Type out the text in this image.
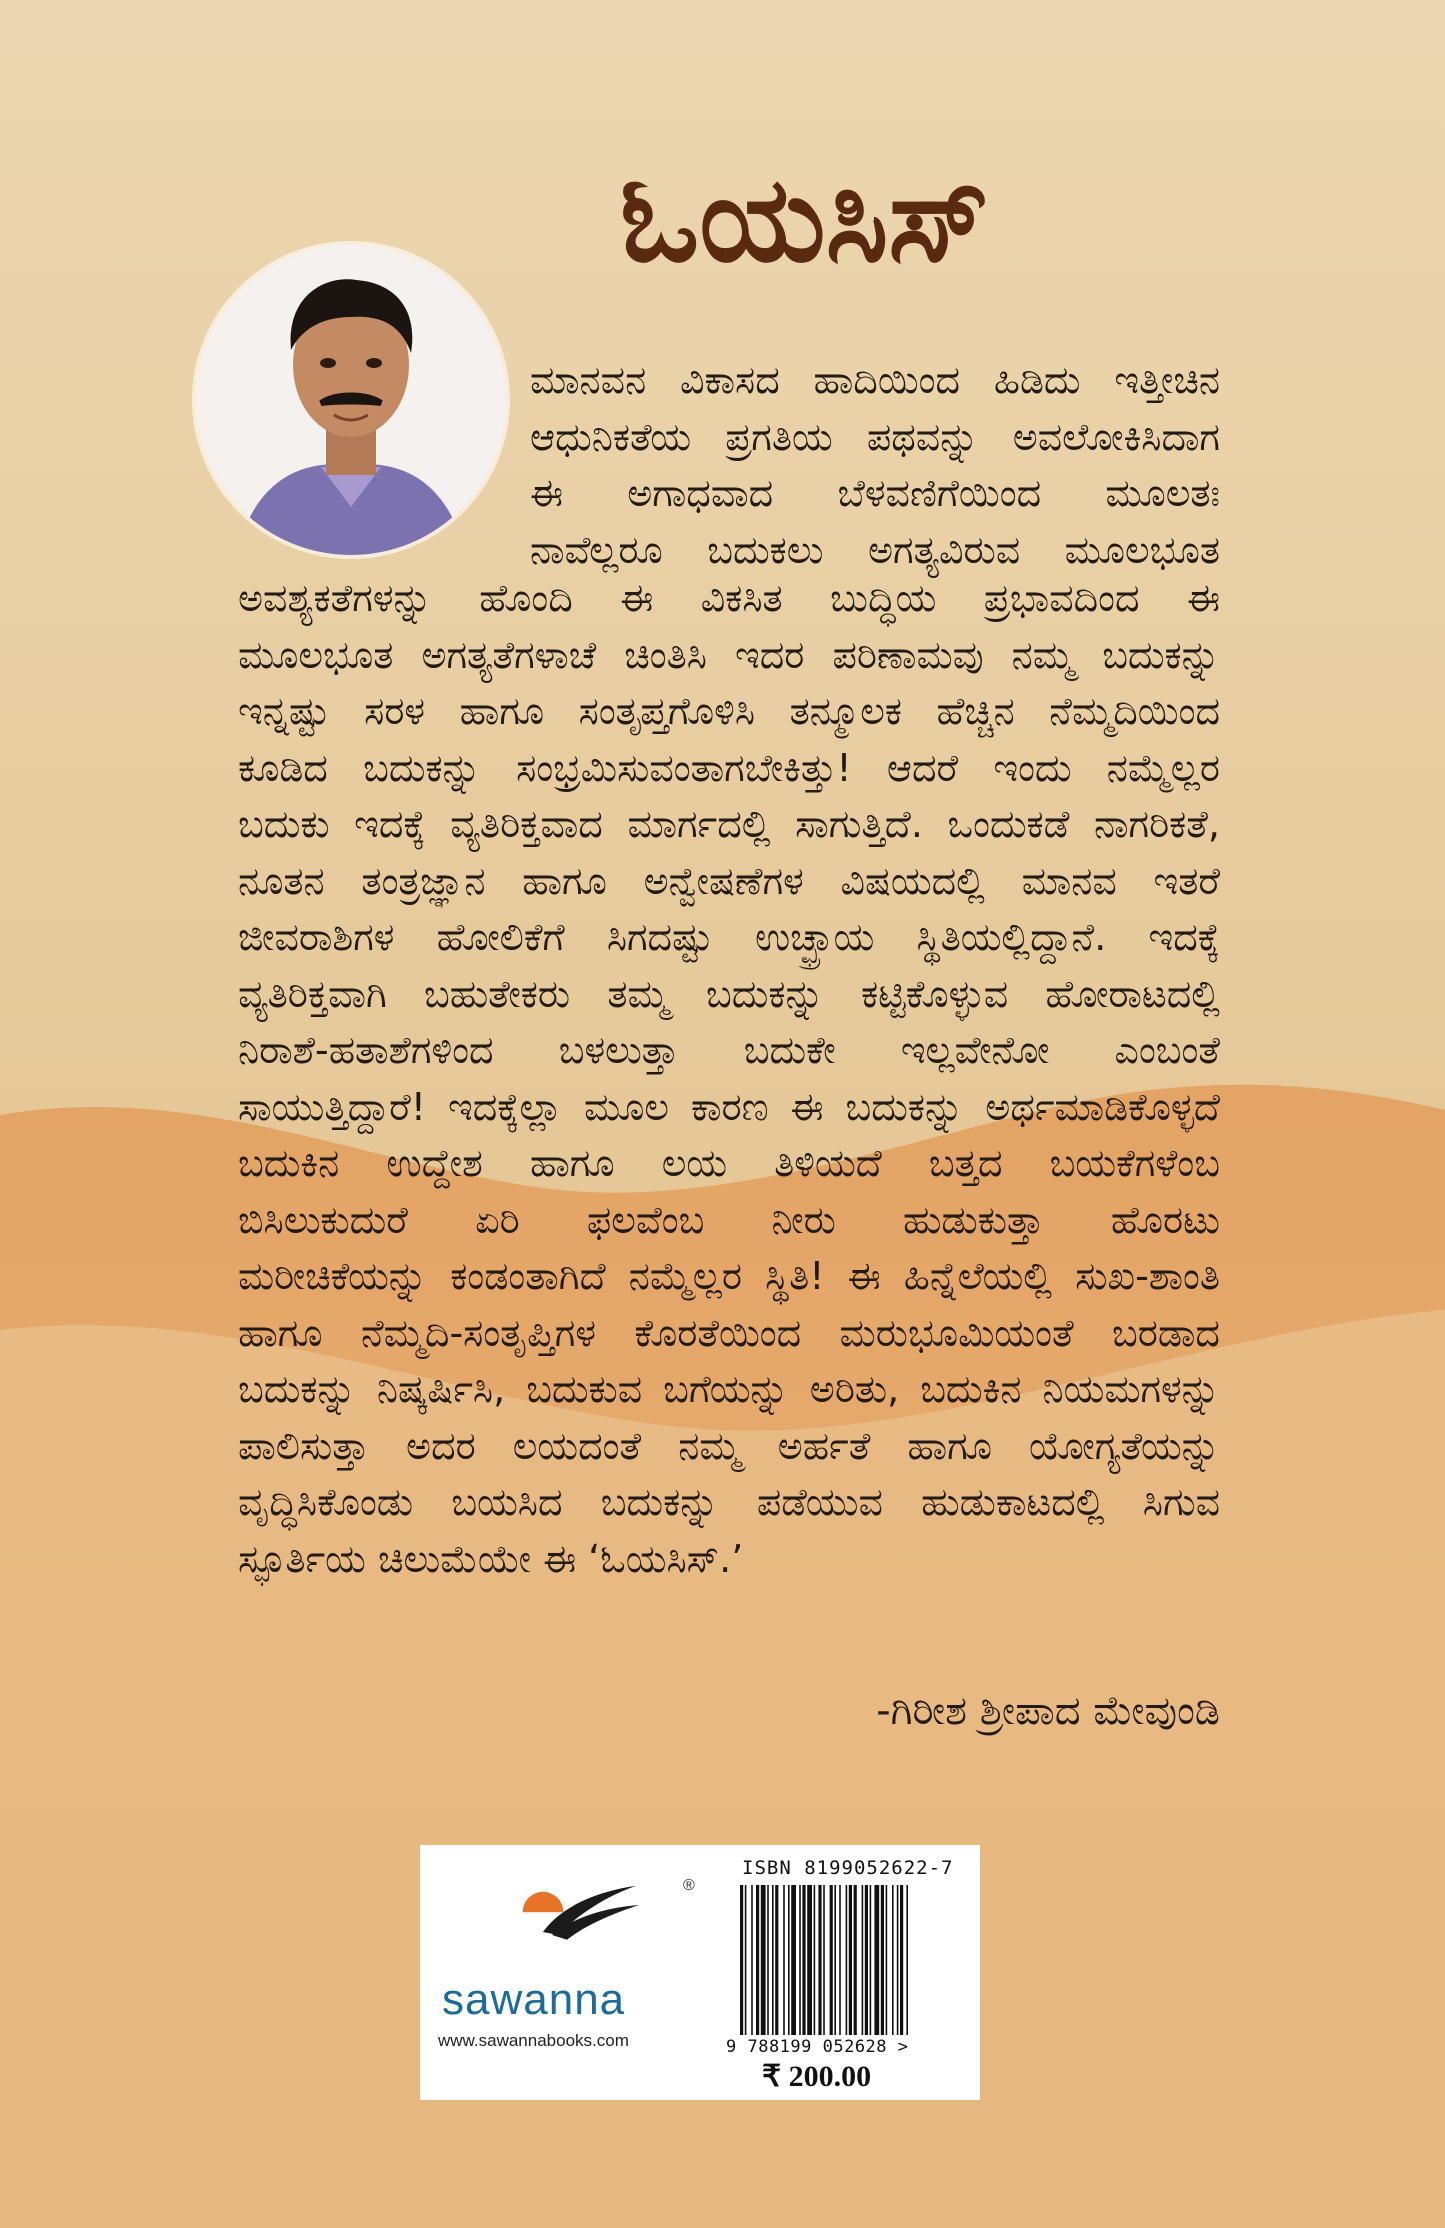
ಓಯಸಿಸ್
ಮಾನವನ ವಿಕಾಸದ ಹಾದಿಯಿಂದ ಹಿಡಿದು ಇತ್ತೀಚಿನ
ಆಧುನಿಕತೆಯ ಪ್ರಗತಿಯ ಪಥವನ್ನು ಅವಲೋಕಿಸಿದಾಗ
ಈ ಅಗಾಧವಾದ ಬೆಳವಣಿಗೆಯಿಂದ ಮೂಲತಃ
ನಾವೆಲ್ಲರೂ ಬದುಕಲು ಅಗತ್ಯವಿರುವ ಮೂಲಭೂತ
ಅವಶ್ಯಕತೆಗಳನ್ನು ಹೊಂದಿ ಈ ವಿಕಸಿತ ಬುದ್ಧಿಯ ಪ್ರಭಾವದಿಂದ ಈ
ಮೂಲಭೂತ ಅಗತ್ಯತೆಗಳಾಚೆ ಚಿಂತಿಸಿ ಇದರ ಪರಿಣಾಮವು ನಮ್ಮ ಬದುಕನ್ನು
ಇನ್ನಷ್ಟು ಸರಳ ಹಾಗೂ ಸಂತೃಪ್ತಗೊಳಿಸಿ ತನ್ಮೂಲಕ ಹೆಚ್ಚಿನ ನೆಮ್ಮದಿಯಿಂದ
ಕೂಡಿದ ಬದುಕನ್ನು ಸಂಭ್ರಮಿಸುವಂತಾಗಬೇಕಿತ್ತು! ಆದರೆ ಇಂದು ನಮ್ಮೆಲ್ಲರ
ಬದುಕು ಇದಕ್ಕೆ ವ್ಯತಿರಿಕ್ತವಾದ ಮಾರ್ಗದಲ್ಲಿ ಸಾಗುತ್ತಿದೆ. ಒಂದುಕಡೆ ನಾಗರಿಕತೆ,
ನೂತನ ತಂತ್ರಜ್ಞಾನ ಹಾಗೂ ಅನ್ವೇಷಣೆಗಳ ವಿಷಯದಲ್ಲಿ ಮಾನವ ಇತರೆ
ಜೀವರಾಶಿಗಳ ಹೋಲಿಕೆಗೆ ಸಿಗದಷ್ಟು ಉಚ್ಛ್ರಾಯ ಸ್ಥಿತಿಯಲ್ಲಿದ್ದಾನೆ. ಇದಕ್ಕೆ
ವ್ಯತಿರಿಕ್ತವಾಗಿ ಬಹುತೇಕರು ತಮ್ಮ ಬದುಕನ್ನು ಕಟ್ಟಿಕೊಳ್ಳುವ ಹೋರಾಟದಲ್ಲಿ
ನಿರಾಶೆ-ಹತಾಶೆಗಳಿಂದ ಬಳಲುತ್ತಾ ಬದುಕೇ ಇಲ್ಲವೇನೋ ಎಂಬಂತೆ
ಸಾಯುತ್ತಿದ್ದಾರೆ! ಇದಕ್ಕೆಲ್ಲಾ ಮೂಲ ಕಾರಣ ಈ ಬದುಕನ್ನು ಅರ್ಥಮಾಡಿಕೊಳ್ಳದೆ
ಬದುಕಿನ ಉದ್ದೇಶ ಹಾಗೂ ಲಯ ತಿಳಿಯದೆ ಬತ್ತದ ಬಯಕೆಗಳೆಂಬ
ಬಿಸಿಲುಕುದುರೆ ಏರಿ ಫಲವೆಂಬ ನೀರು ಹುಡುಕುತ್ತಾ ಹೊರಟು
ಮರೀಚಿಕೆಯನ್ನು ಕಂಡಂತಾಗಿದೆ ನಮ್ಮೆಲ್ಲರ ಸ್ಥಿತಿ! ಈ ಹಿನ್ನೆಲೆಯಲ್ಲಿ ಸುಖ-ಶಾಂತಿ
ಹಾಗೂ ನೆಮ್ಮದಿ-ಸಂತೃಪ್ತಿಗಳ ಕೊರತೆಯಿಂದ ಮರುಭೂಮಿಯಂತೆ ಬರಡಾದ
ಬದುಕನ್ನು ನಿಷ್ಕರ್ಷಿಸಿ, ಬದುಕುವ ಬಗೆಯನ್ನು ಅರಿತು, ಬದುಕಿನ ನಿಯಮಗಳನ್ನು
ಪಾಲಿಸುತ್ತಾ ಅದರ ಲಯದಂತೆ ನಮ್ಮ ಅರ್ಹತೆ ಹಾಗೂ ಯೋಗ್ಯತೆಯನ್ನು
ವೃದ್ಧಿಸಿಕೊಂಡು ಬಯಸಿದ ಬದುಕನ್ನು ಪಡೆಯುವ ಹುಡುಕಾಟದಲ್ಲಿ ಸಿಗುವ
ಸ್ಫೂರ್ತಿಯ ಚಿಲುಮೆಯೇ ಈ ‘ಓಯಸಿಸ್.’
-ಗಿರೀಶ ಶ್ರೀಪಾದ ಮೇವುಂಡಿ
®
sawanna
www.sawannabooks.com
ISBN 8199052622-7
9 788199 052628 >
₹ 200.00
